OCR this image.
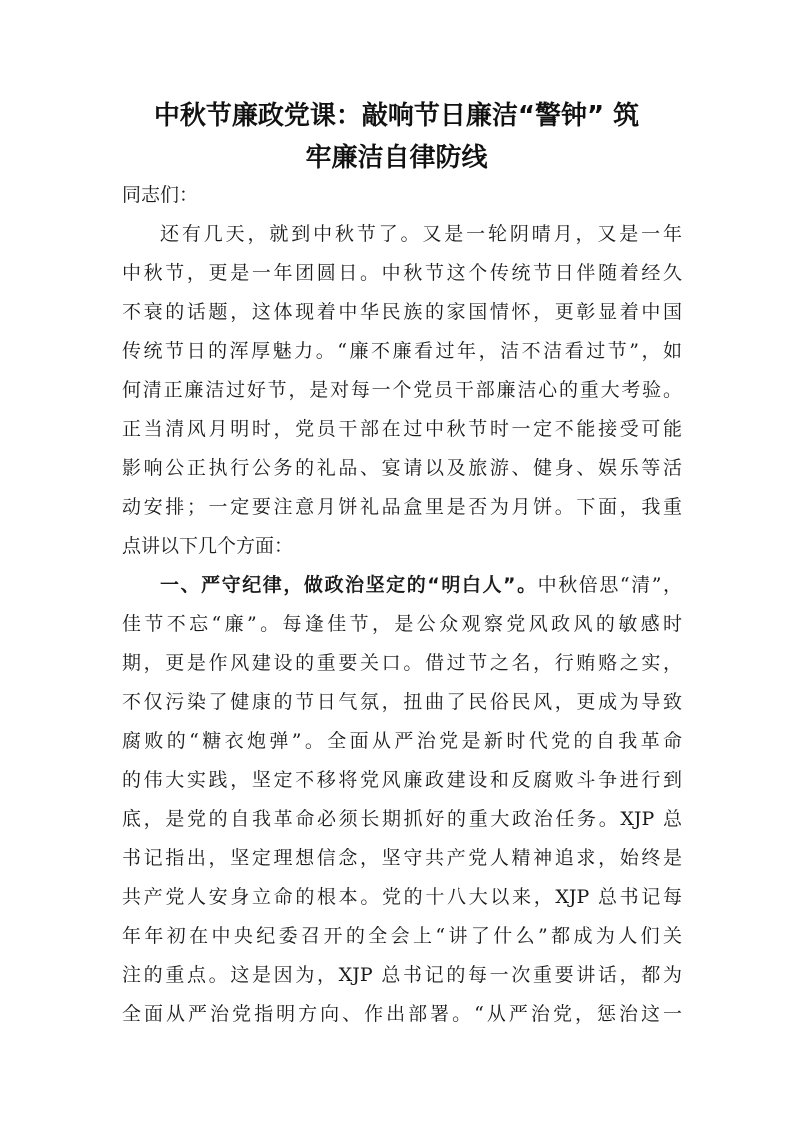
中秋节廉政党课：敲响节日廉洁“警钟” 筑
牢廉洁自律防线
同志们：
还有几天，就到中秋节了。又是一轮阴晴月，又是一年
中秋节，更是一年团圆日。中秋节这个传统节日伴随着经久
不衰的话题，这体现着中华民族的家国情怀，更彰显着中国
传统节日的浑厚魅力。“廉不廉看过年，洁不洁看过节”，如
何清正廉洁过好节，是对每一个党员干部廉洁心的重大考验。
正当清风月明时，党员干部在过中秋节时一定不能接受可能
影响公正执行公务的礼品、宴请以及旅游、健身、娱乐等活
动安排；一定要注意月饼礼品盒里是否为月饼。下面，我重
点讲以下几个方面：
一、严守纪律，做政治坚定的“明白人”。中秋倍思“清”，
佳节不忘“廉”。每逢佳节，是公众观察党风政风的敏感时
期，更是作风建设的重要关口。借过节之名，行贿赂之实，
不仅污染了健康的节日气氛，扭曲了民俗民风，更成为导致
腐败的“糖衣炮弹”。全面从严治党是新时代党的自我革命
的伟大实践，坚定不移将党风廉政建设和反腐败斗争进行到
底，是党的自我革命必须长期抓好的重大政治任务。XJP 总
书记指出，坚定理想信念，坚守共产党人精神追求，始终是
共产党人安身立命的根本。党的十八大以来，XJP 总书记每
年年初在中央纪委召开的全会上“讲了什么”都成为人们关
注的重点。这是因为，XJP 总书记的每一次重要讲话，都为
全面从严治党指明方向、作出部署。“从严治党，惩治这一
